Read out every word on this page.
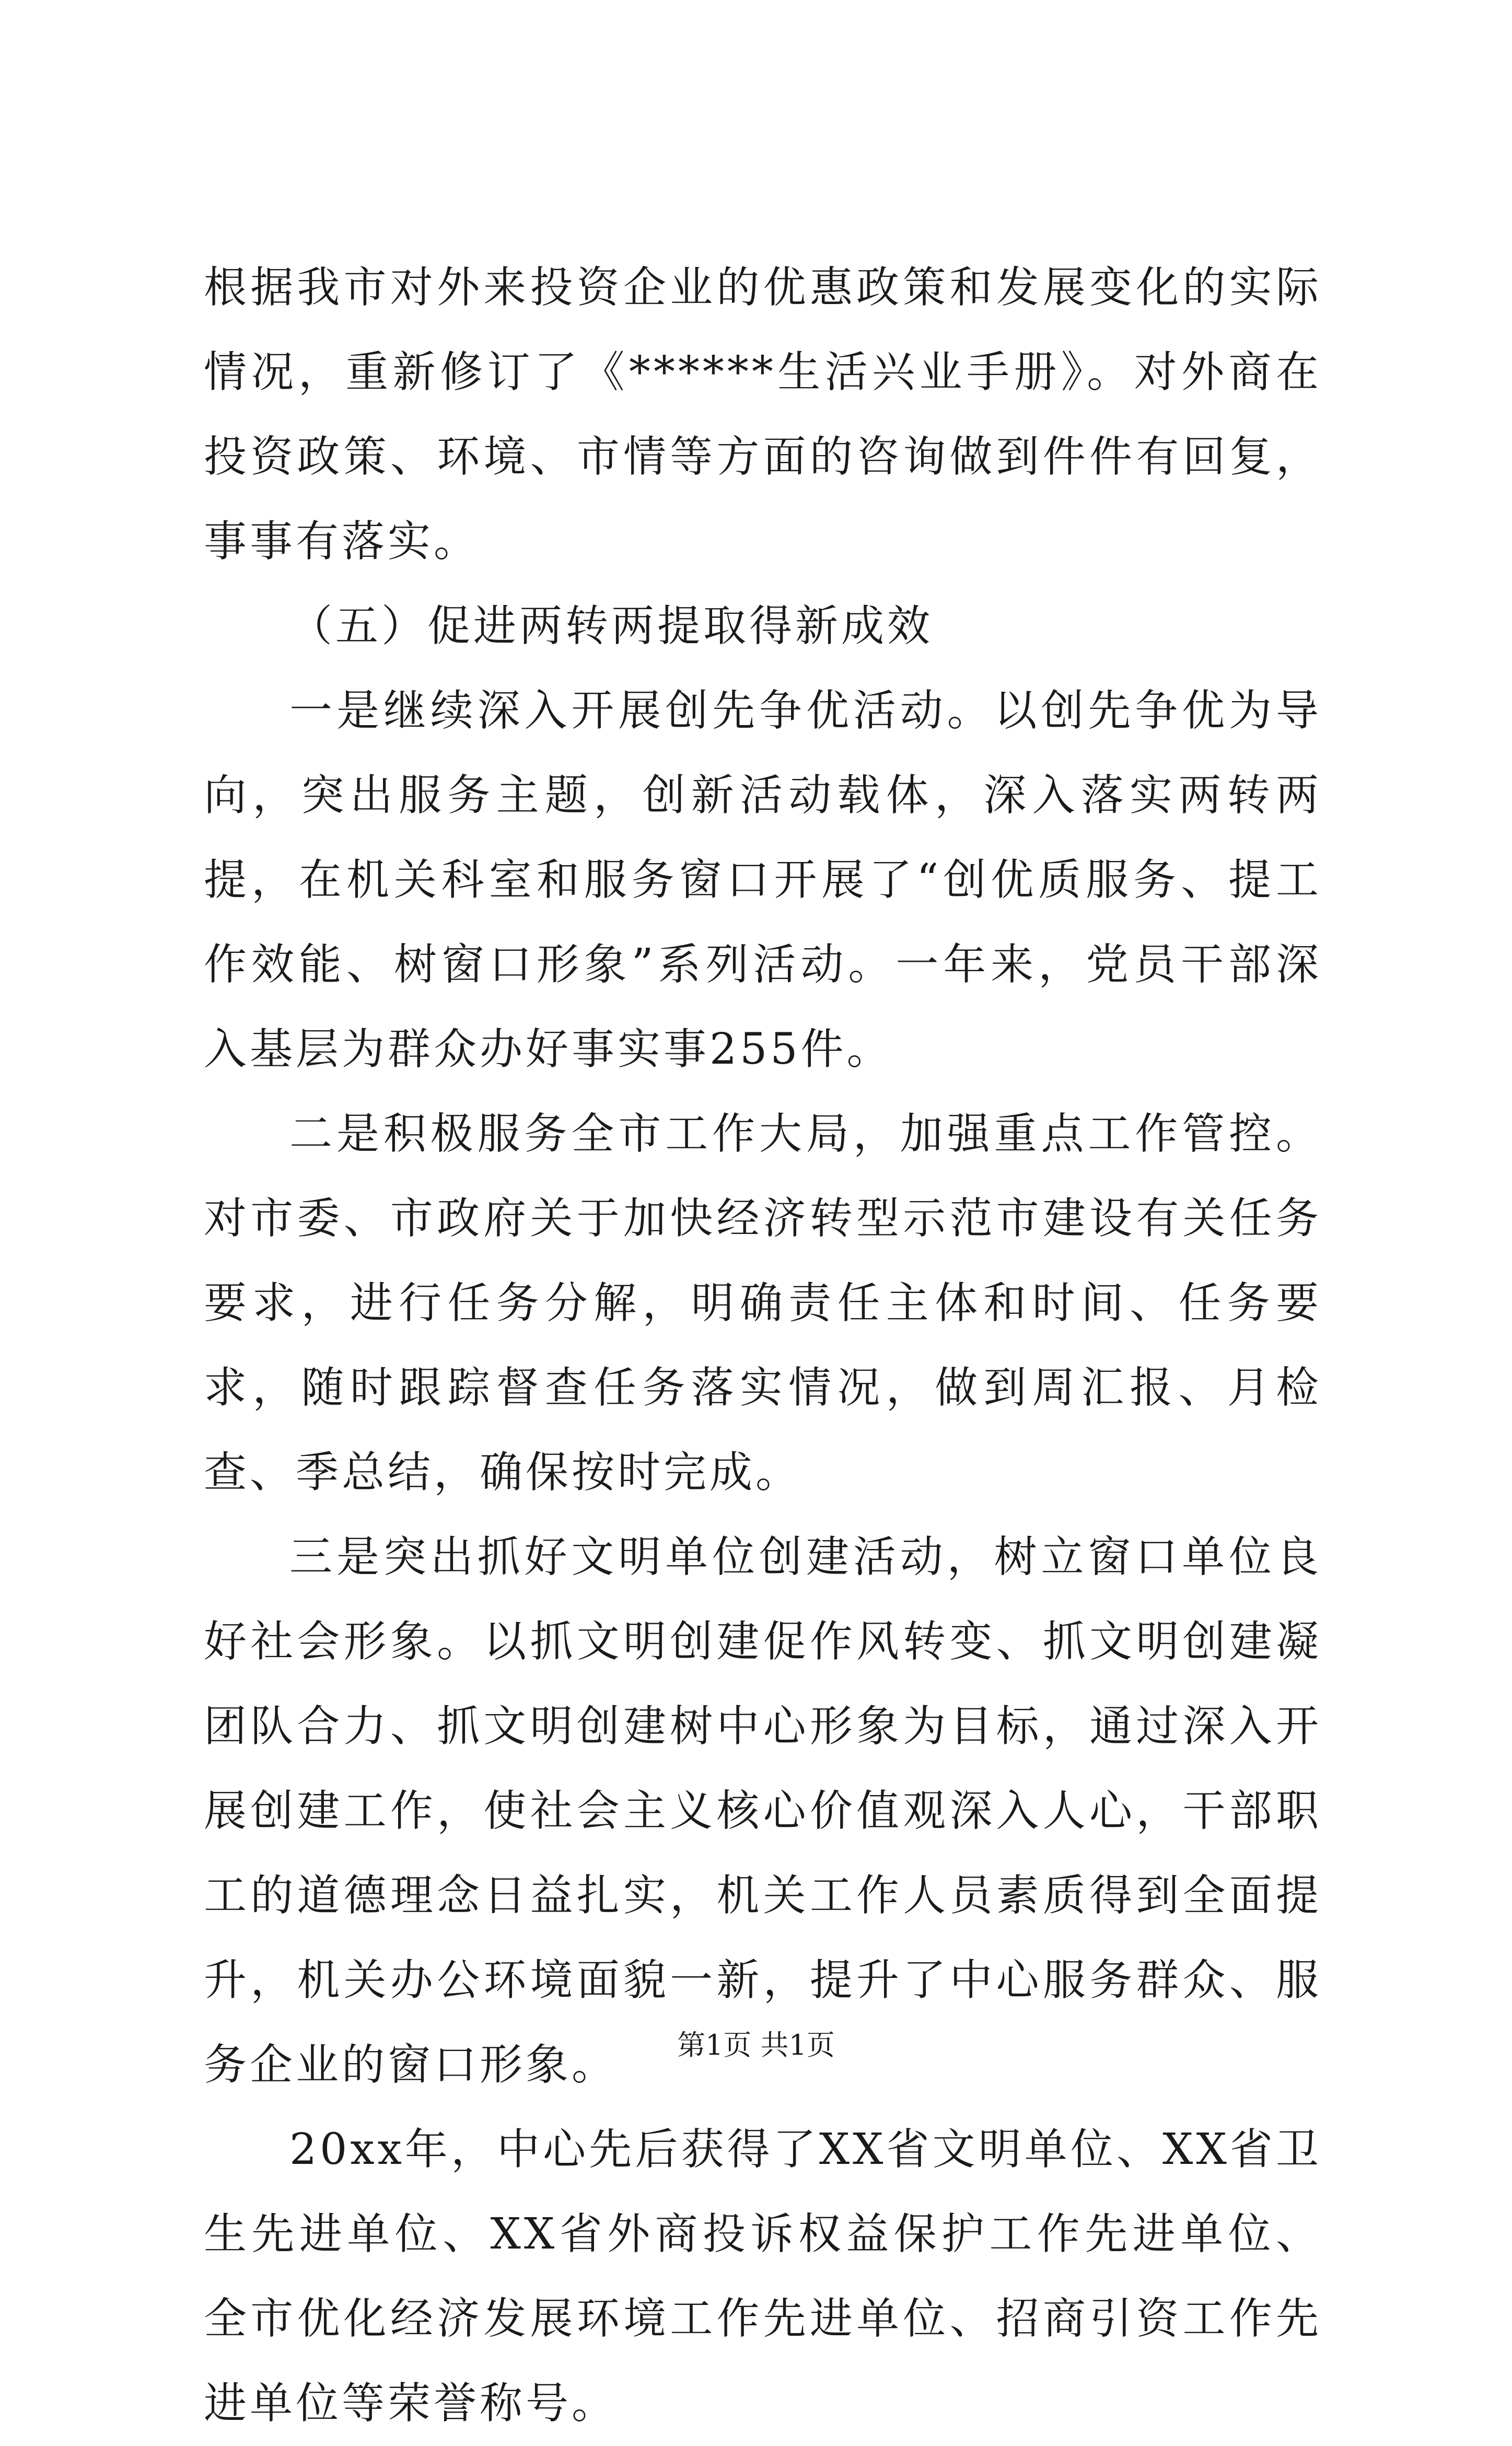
根据我市对外来投资企业的优惠政策和发展变化的实际情况，重新修订了《******生活兴业手册》。对外商在投资政策、环境、市情等方面的咨询做到件件有回复，事事有落实。

（五）促进两转两提取得新成效

一是继续深入开展创先争优活动。以创先争优为导向，突出服务主题，创新活动载体，深入落实两转两提，在机关科室和服务窗口开展了“创优质服务、提工作效能、树窗口形象”系列活动。一年来，党员干部深入基层为群众办好事实事255件。

二是积极服务全市工作大局，加强重点工作管控。对市委、市政府关于加快经济转型示范市建设有关任务要求，进行任务分解，明确责任主体和时间、任务要求，随时跟踪督查任务落实情况，做到周汇报、月检查、季总结，确保按时完成。

三是突出抓好文明单位创建活动，树立窗口单位良好社会形象。以抓文明创建促作风转变、抓文明创建凝团队合力、抓文明创建树中心形象为目标，通过深入开展创建工作，使社会主义核心价值观深入人心，干部职工的道德理念日益扎实，机关工作人员素质得到全面提升，机关办公环境面貌一新，提升了中心服务群众、服务企业的窗口形象。

20xx年，中心先后获得了XX省文明单位、XX省卫生先进单位、XX省外商投诉权益保护工作先进单位、全市优化经济发展环境工作先进单位、招商引资工作先进单位等荣誉称号。

第1页 共1页
